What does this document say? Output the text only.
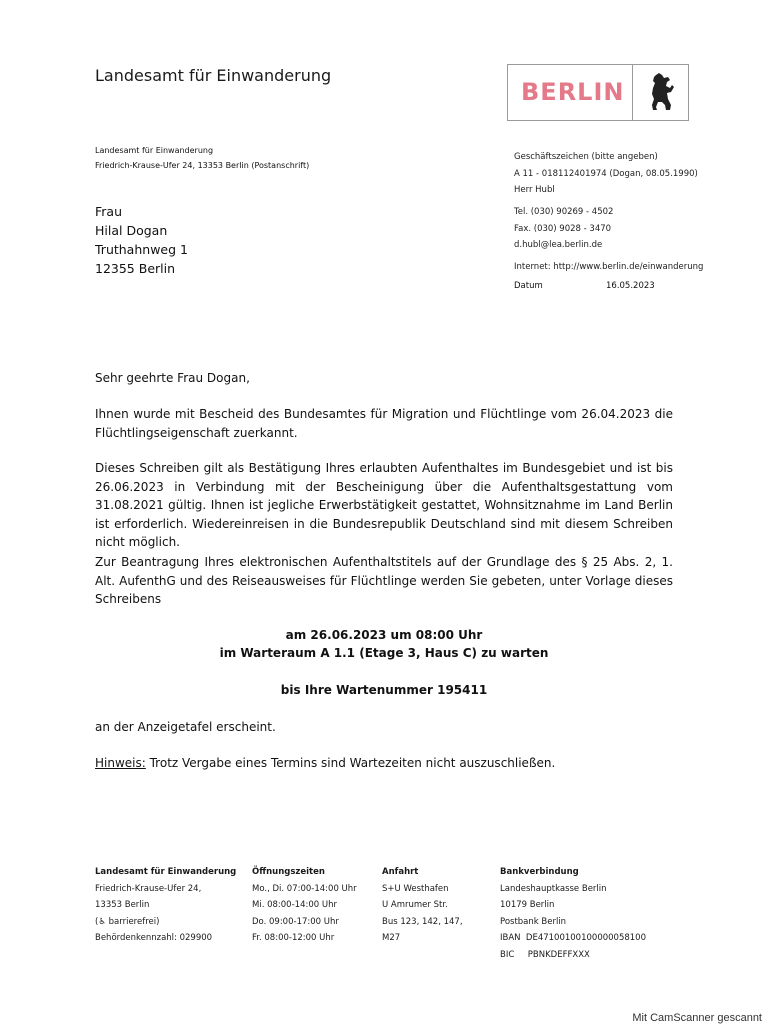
Landesamt für Einwanderung
BERLIN
Landesamt für Einwanderung
Friedrich-Krause-Ufer 24, 13353 Berlin (Postanschrift)
Frau
Hilal Dogan
Truthahnweg 1
12355 Berlin
Geschäftszeichen (bitte angeben)
A 11 - 018112401974 (Dogan, 08.05.1990)
Herr Hubl
Tel. (030) 90269 - 4502
Fax. (030) 9028 - 3470
d.hubl@lea.berlin.de
Internet: http://www.berlin.de/einwanderung
Datum	16.05.2023
Sehr geehrte Frau Dogan,
Ihnen wurde mit Bescheid des Bundesamtes für Migration und Flüchtlinge vom 26.04.2023 die Flüchtlingseigenschaft zuerkannt.
Dieses Schreiben gilt als Bestätigung Ihres erlaubten Aufenthaltes im Bundesgebiet und ist bis 26.06.2023 in Verbindung mit der Bescheinigung über die Aufenthaltsgestattung vom 31.08.2021 gültig. Ihnen ist jegliche Erwerbstätigkeit gestattet, Wohnsitznahme im Land Berlin ist erforderlich. Wiedereinreisen in die Bundesrepublik Deutschland sind mit diesem Schreiben nicht möglich.
Zur Beantragung Ihres elektronischen Aufenthaltstitels auf der Grundlage des § 25 Abs. 2, 1. Alt. AufenthG und des Reiseausweises für Flüchtlinge werden Sie gebeten, unter Vorlage dieses Schreibens
am 26.06.2023 um 08:00 Uhr
im Warteraum A 1.1 (Etage 3, Haus C) zu warten
bis Ihre Wartenummer 195411
an der Anzeigetafel erscheint.
Hinweis: Trotz Vergabe eines Termins sind Wartezeiten nicht auszuschließen.
Landesamt für Einwanderung
Friedrich-Krause-Ufer 24,
13353 Berlin
(♿ barrierefrei)
Behördenkennzahl: 029900
Öffnungszeiten
Mo., Di. 07:00-14:00 Uhr
Mi. 08:00-14:00 Uhr
Do. 09:00-17:00 Uhr
Fr. 08:00-12:00 Uhr
Anfahrt
S+U Westhafen
U Amrumer Str.
Bus 123, 142, 147,
M27
Bankverbindung
Landeshauptkasse Berlin
10179 Berlin
Postbank Berlin
IBAN  DE47100100100000058100
BIC     PBNKDEFFXXX
Mit CamScanner gescannt
